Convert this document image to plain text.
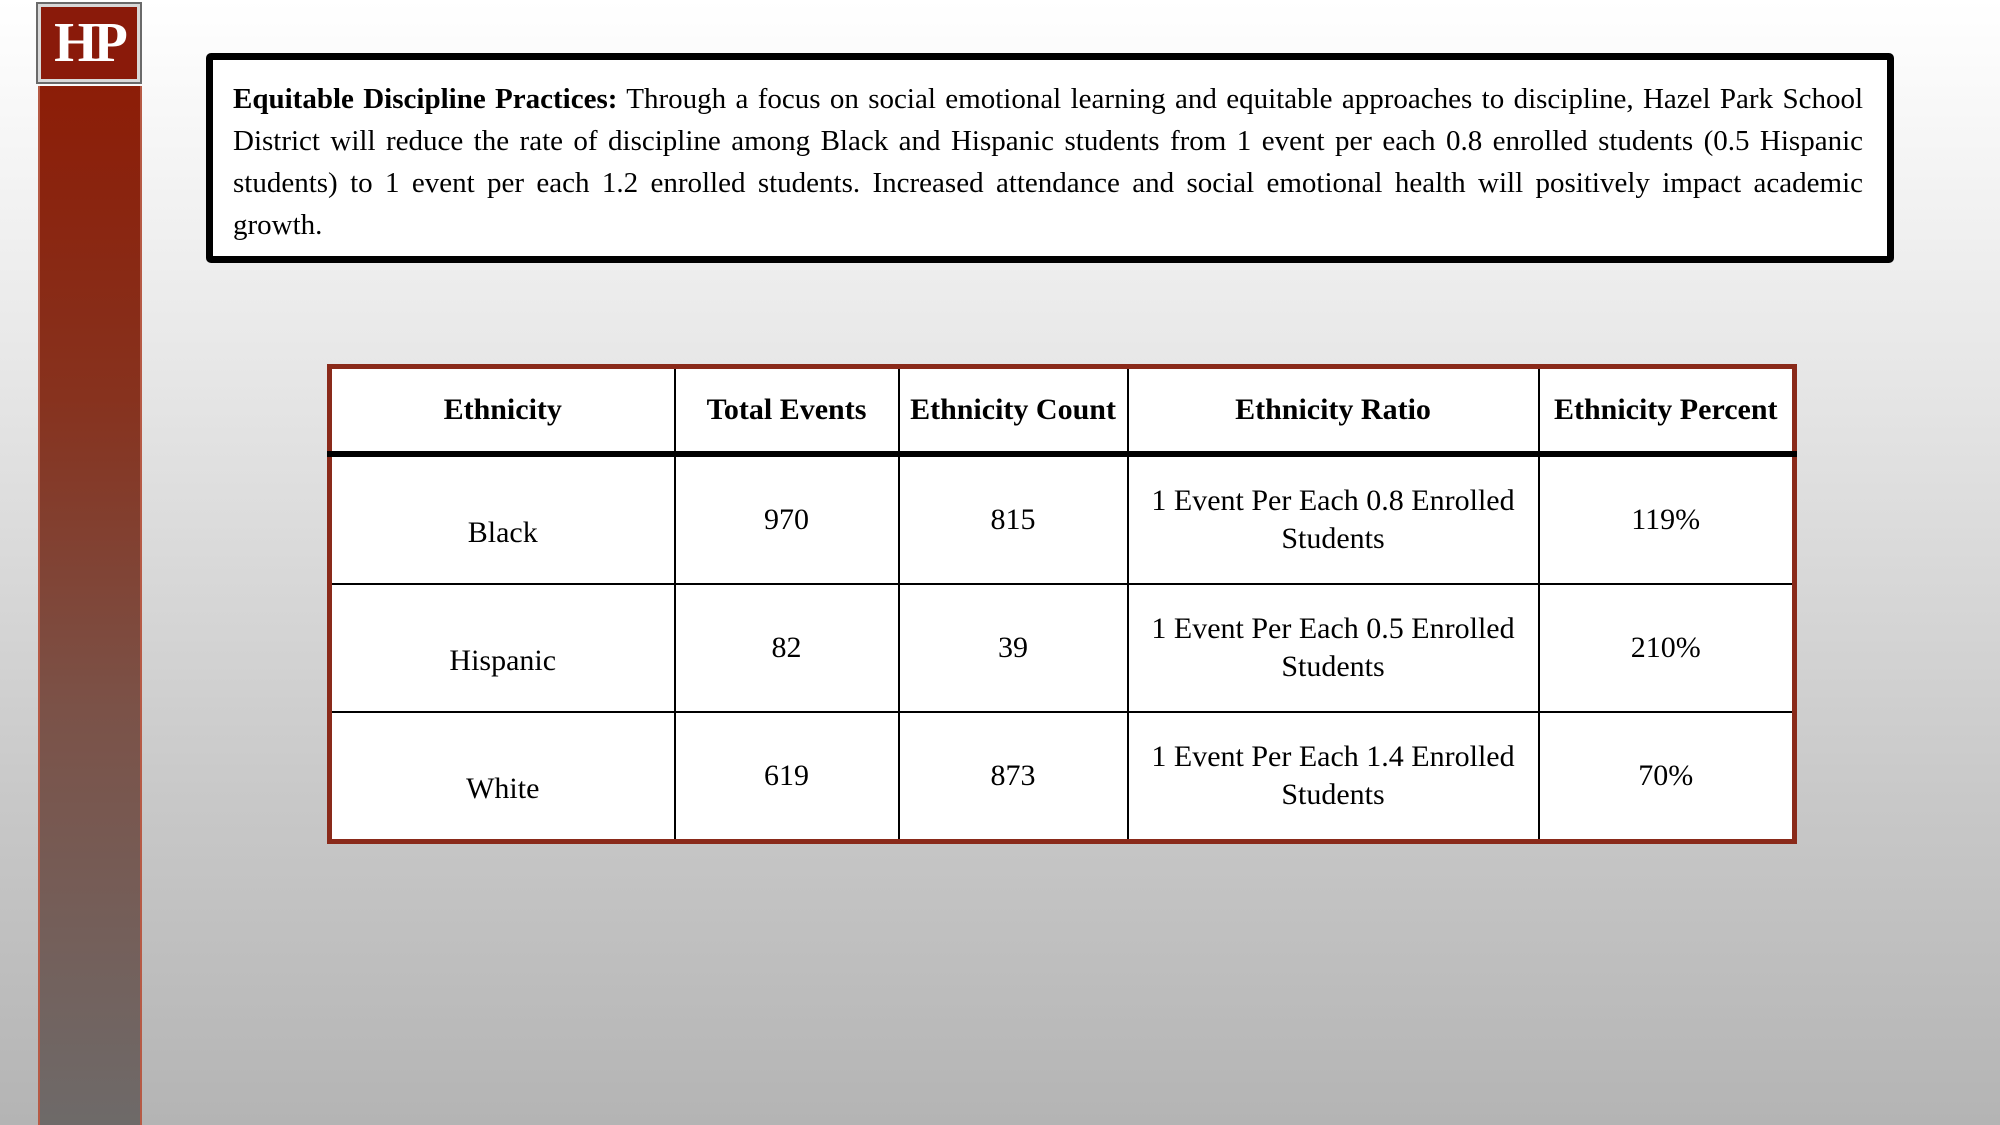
HP
Equitable Discipline Practices: Through a focus on social emotional learning and equitable approaches to discipline, Hazel Park School District will reduce the rate of discipline among Black and Hispanic students from 1 event per each 0.8 enrolled students (0.5 Hispanic students) to 1 event per each 1.2 enrolled students. Increased attendance and social emotional health will positively impact academic growth.
Ethnicity	Total Events	Ethnicity Count	Ethnicity Ratio	Ethnicity Percent
Black	970	815	1 Event Per Each 0.8 Enrolled Students	119%
Hispanic	82	39	1 Event Per Each 0.5 Enrolled Students	210%
White	619	873	1 Event Per Each 1.4 Enrolled Students	70%
